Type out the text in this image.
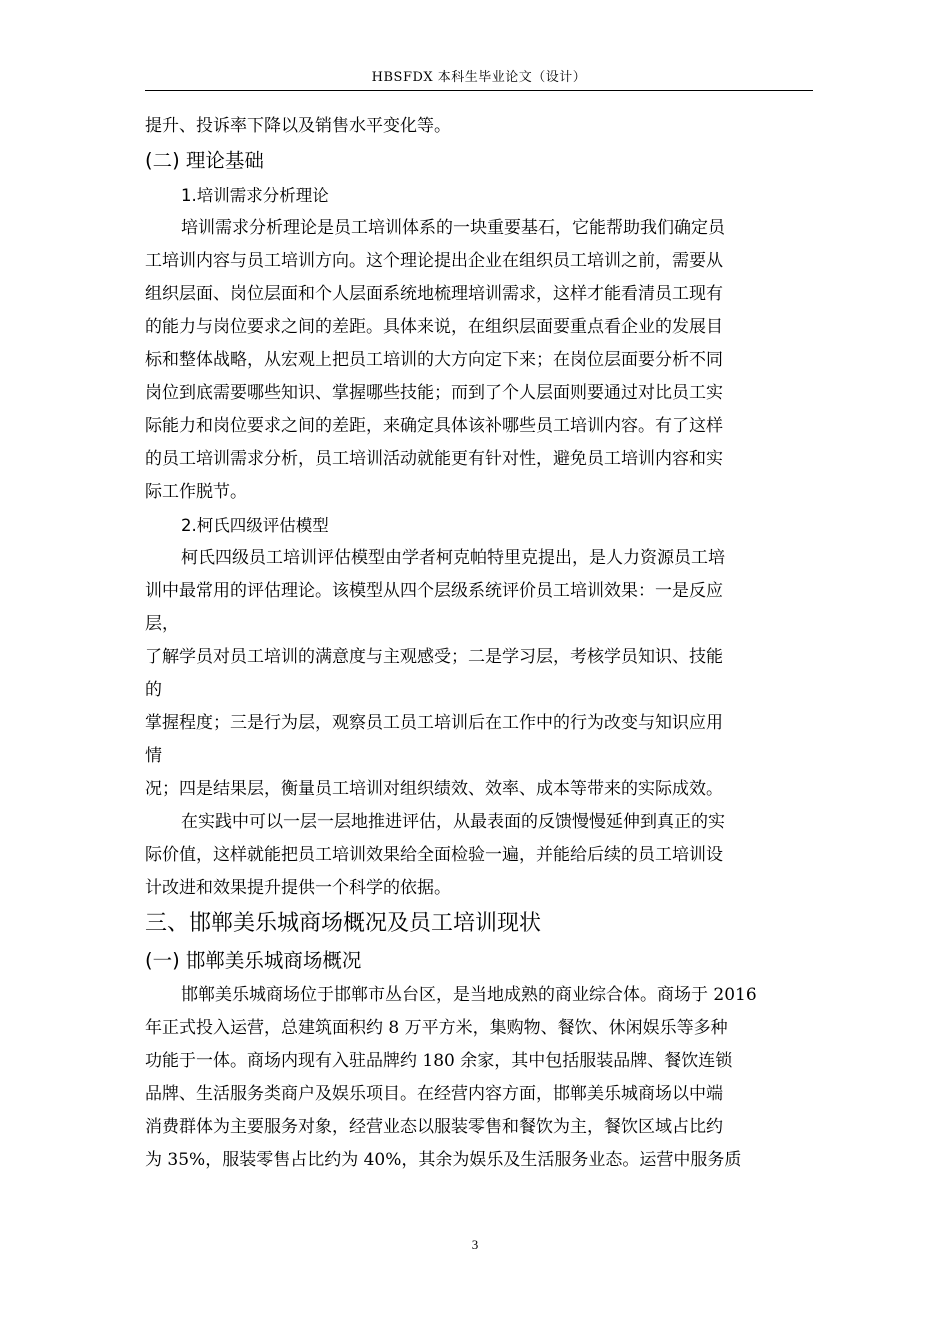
HBSFDX 本科生毕业论文（设计）
提升、投诉率下降以及销售水平变化等。
(二) 理论基础
1.培训需求分析理论
培训需求分析理论是员工培训体系的一块重要基石，它能帮助我们确定员
工培训内容与员工培训方向。这个理论提出企业在组织员工培训之前，需要从
组织层面、岗位层面和个人层面系统地梳理培训需求，这样才能看清员工现有
的能力与岗位要求之间的差距。具体来说，在组织层面要重点看企业的发展目
标和整体战略，从宏观上把员工培训的大方向定下来；在岗位层面要分析不同
岗位到底需要哪些知识、掌握哪些技能；而到了个人层面则要通过对比员工实
际能力和岗位要求之间的差距，来确定具体该补哪些员工培训内容。有了这样
的员工培训需求分析，员工培训活动就能更有针对性，避免员工培训内容和实
际工作脱节。
2.柯氏四级评估模型
柯氏四级员工培训评估模型由学者柯克帕特里克提出，是人力资源员工培
训中最常用的评估理论。该模型从四个层级系统评价员工培训效果：一是反应
层，
了解学员对员工培训的满意度与主观感受；二是学习层，考核学员知识、技能
的
掌握程度；三是行为层，观察员工员工培训后在工作中的行为改变与知识应用
情
况；四是结果层，衡量员工培训对组织绩效、效率、成本等带来的实际成效。
在实践中可以一层一层地推进评估，从最表面的反馈慢慢延伸到真正的实
际价值，这样就能把员工培训效果给全面检验一遍，并能给后续的员工培训设
计改进和效果提升提供一个科学的依据。
三、邯郸美乐城商场概况及员工培训现状
(一) 邯郸美乐城商场概况
邯郸美乐城商场位于邯郸市丛台区，是当地成熟的商业综合体。商场于 2016
年正式投入运营，总建筑面积约 8 万平方米，集购物、餐饮、休闲娱乐等多种
功能于一体。商场内现有入驻品牌约 180 余家，其中包括服装品牌、餐饮连锁
品牌、生活服务类商户及娱乐项目。在经营内容方面，邯郸美乐城商场以中端
消费群体为主要服务对象，经营业态以服装零售和餐饮为主，餐饮区域占比约
为 35%，服装零售占比约为 40%，其余为娱乐及生活服务业态。运营中服务质
3
